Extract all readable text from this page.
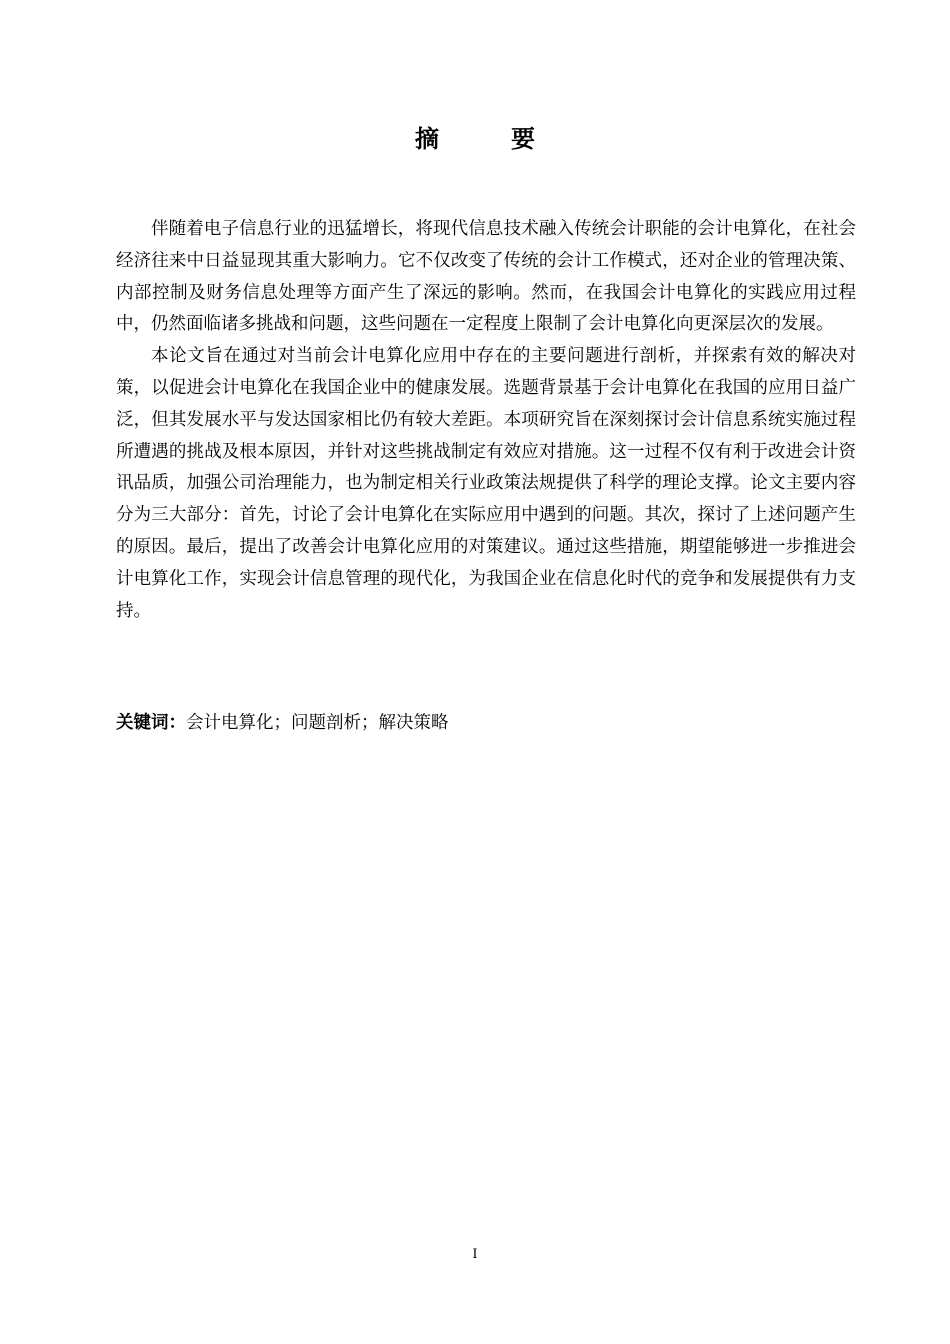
摘　要

伴随着电子信息行业的迅猛增长，将现代信息技术融入传统会计职能的会计电算化，在社会经济往来中日益显现其重大影响力。它不仅改变了传统的会计工作模式，还对企业的管理决策、内部控制及财务信息处理等方面产生了深远的影响。然而，在我国会计电算化的实践应用过程中，仍然面临诸多挑战和问题，这些问题在一定程度上限制了会计电算化向更深层次的发展。

本论文旨在通过对当前会计电算化应用中存在的主要问题进行剖析，并探索有效的解决对策，以促进会计电算化在我国企业中的健康发展。选题背景基于会计电算化在我国的应用日益广泛，但其发展水平与发达国家相比仍有较大差距。本项研究旨在深刻探讨会计信息系统实施过程所遭遇的挑战及根本原因，并针对这些挑战制定有效应对措施。这一过程不仅有利于改进会计资讯品质，加强公司治理能力，也为制定相关行业政策法规提供了科学的理论支撑。论文主要内容分为三大部分：首先，讨论了会计电算化在实际应用中遇到的问题。其次，探讨了上述问题产生的原因。最后，提出了改善会计电算化应用的对策建议。通过这些措施，期望能够进一步推进会计电算化工作，实现会计信息管理的现代化，为我国企业在信息化时代的竞争和发展提供有力支持。

关键词：会计电算化；问题剖析；解决策略
I
